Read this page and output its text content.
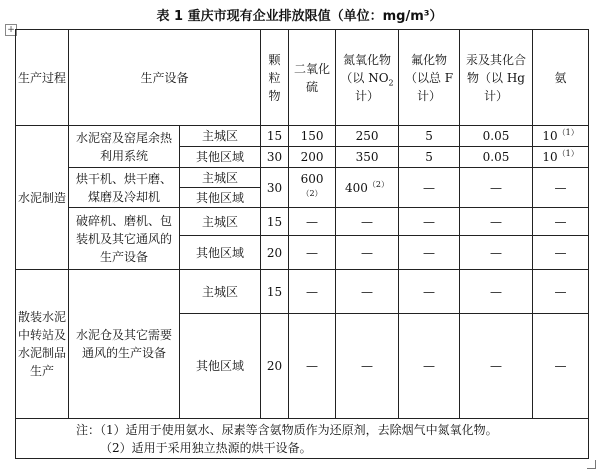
表 1 重庆市现有企业排放限值（单位：mg/m³）
+
生产过程	生产设备		颗粒物	二氧化硫	氮氧化物（以 $NO_2$ 计）	氟化物（以总 F 计）	汞及其化合物（以 Hg 计）	氨
水泥制造	水泥窑及窑尾余热利用系统	主城区	15	150	250	5	0.05	$10^{(1)}$
		其他区域	30	200	350	5	0.05	$10^{(1)}$
	烘干机、烘干磨、煤磨及冷却机	主城区	30	$600^{(2)}$	$400^{(2)}$	—	—	—
		其他区域						
	破碎机、磨机、包装机及其它通风的生产设备	主城区	15	—	—	—	—	—

		其他区域	20	—	—	—	—	—
散装水泥中转站及水泥制品生产	水泥仓及其它需要通风的生产设备	主城区	15	—	—	—	—	—
		其他区域	20	—	—	—	—	—

注：（1）适用于使用氨水、尿素等含氨物质作为还原剂，去除烟气中氮氧化物。
（2）适用于采用独立热源的烘干设备。								
